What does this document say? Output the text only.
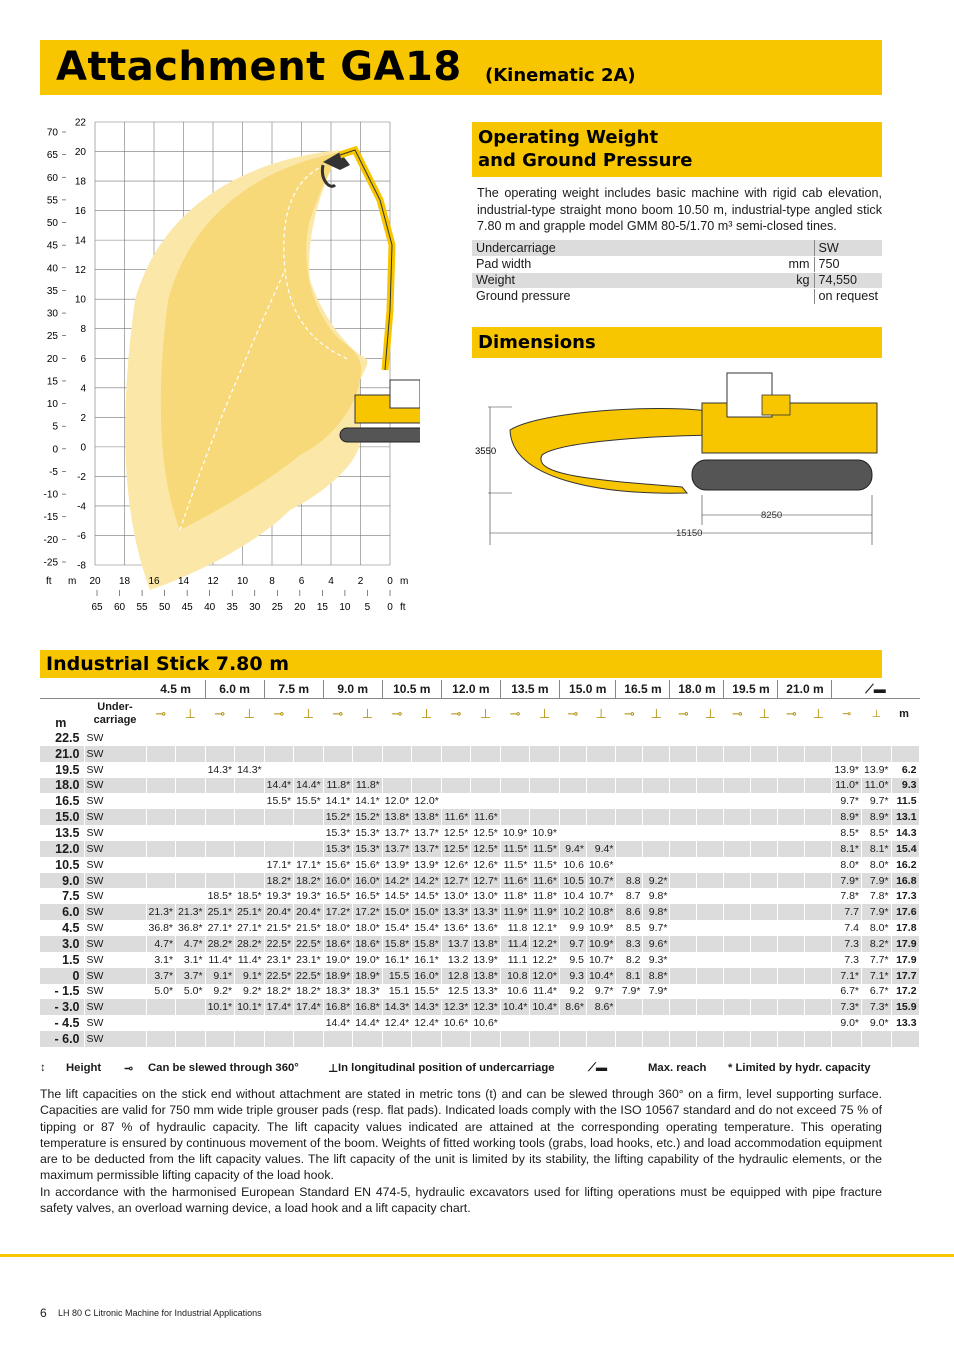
Attachment GA18 (Kinematic 2A)
22
20
18
16
14
12
10
8
6
4
2
0
-2
-4
-6
-8
70
65
60
55
50
45
40
35
30
25
20
15
10
5
0
-5
-10
-15
-20
-25
20 18 16 14 12 10 8 6 4 2 0
65 60 55 50 45 40 35 30 25 20 15 10 5 0
ft m	m
ft
Operating Weight
and Ground Pressure
The operating weight includes basic machine with rigid cab elevation, industrial-type straight mono boom 10.50 m, industrial-type angled stick 7.80 m and grapple model GMM 80-5/1.70 m³ semi-closed tines.
Undercarriage		SW
Pad width	mm	750
Weight	kg	74,550
Ground pressure		on request
Dimensions
3550
8250
15150
Industrial Stick 7.80 m
		4.5 m		6.0 m		7.5 m		9.0 m		10.5 m		12.0 m		13.5 m		15.0 m		16.5 m		18.0 m		19.5 m		21.0 m		⟋▬		
m	Under-
carriage	⊸	⊥	⊸	⊥	⊸	⊥	⊸	⊥	⊸	⊥	⊸	⊥	⊸	⊥	⊸	⊥	⊸	⊥	⊸	⊥	⊸	⊥	⊸	⊥	⊸	⊥	m
22.5	SW																											
21.0	SW																											
19.5	SW			14.3*	14.3*																					13.9*	13.9*	6.2
18.0	SW					14.4*	14.4*	11.8*	11.8*																	11.0*	11.0*	9.3
16.5	SW					15.5*	15.5*	14.1*	14.1*	12.0*	12.0*															9.7*	9.7*	11.5
15.0	SW							15.2*	15.2*	13.8*	13.8*	11.6*	11.6*													8.9*	8.9*	13.1
13.5	SW							15.3*	15.3*	13.7*	13.7*	12.5*	12.5*	10.9*	10.9*											8.5*	8.5*	14.3
12.0	SW							15.3*	15.3*	13.7*	13.7*	12.5*	12.5*	11.5*	11.5*	9.4*	9.4*									8.1*	8.1*	15.4
10.5	SW					17.1*	17.1*	15.6*	15.6*	13.9*	13.9*	12.6*	12.6*	11.5*	11.5*	10.6	10.6*									8.0*	8.0*	16.2
9.0	SW					18.2*	18.2*	16.0*	16.0*	14.2*	14.2*	12.7*	12.7*	11.6*	11.6*	10.5	10.7*	8.8	9.2*							7.9*	7.9*	16.8
7.5	SW			18.5*	18.5*	19.3*	19.3*	16.5*	16.5*	14.5*	14.5*	13.0*	13.0*	11.8*	11.8*	10.4	10.7*	8.7	9.8*							7.8*	7.8*	17.3
6.0	SW	21.3*	21.3*	25.1*	25.1*	20.4*	20.4*	17.2*	17.2*	15.0*	15.0*	13.3*	13.3*	11.9*	11.9*	10.2	10.8*	8.6	9.8*							7.7	7.9*	17.6
4.5	SW	36.8*	36.8*	27.1*	27.1*	21.5*	21.5*	18.0*	18.0*	15.4*	15.4*	13.6*	13.6*	11.8	12.1*	9.9	10.9*	8.5	9.7*							7.4	8.0*	17.8
3.0	SW	4.7*	4.7*	28.2*	28.2*	22.5*	22.5*	18.6*	18.6*	15.8*	15.8*	13.7	13.8*	11.4	12.2*	9.7	10.9*	8.3	9.6*							7.3	8.2*	17.9
1.5	SW	3.1*	3.1*	11.4*	11.4*	23.1*	23.1*	19.0*	19.0*	16.1*	16.1*	13.2	13.9*	11.1	12.2*	9.5	10.7*	8.2	9.3*							7.3	7.7*	17.9
0	SW	3.7*	3.7*	9.1*	9.1*	22.5*	22.5*	18.9*	18.9*	15.5	16.0*	12.8	13.8*	10.8	12.0*	9.3	10.4*	8.1	8.8*							7.1*	7.1*	17.7
- 1.5	SW	5.0*	5.0*	9.2*	9.2*	18.2*	18.2*	18.3*	18.3*	15.1	15.5*	12.5	13.3*	10.6	11.4*	9.2	9.7*	7.9*	7.9*							6.7*	6.7*	17.2
- 3.0	SW			10.1*	10.1*	17.4*	17.4*	16.8*	16.8*	14.3*	14.3*	12.3*	12.3*	10.4*	10.4*	8.6*	8.6*									7.3*	7.3*	15.9
- 4.5	SW							14.4*	14.4*	12.4*	12.4*	10.6*	10.6*													9.0*	9.0*	13.3
- 6.0	SW																											
↕ Height ⊸ Can be slewed through 360°	⊥ In longitudinal position of undercarriage	⟋▬	Max. reach * Limited by hydr. capacity

The lift capacities on the stick end without attachment are stated in metric tons (t) and can be slewed through 360° on a firm, level supporting surface. Capacities are valid for 750 mm wide triple grouser pads (resp. flat pads). Indicated loads comply with the ISO 10567 standard and do not exceed 75 % of tipping or 87 % of hydraulic capacity. The lift capacity values indicated are attained at the corresponding operating temperature. This operating temperature is ensured by continuous movement of the boom. Weights of fitted working tools (grabs, load hooks, etc.) and load accommodation equipment are to be deducted from the lift capacity values. The lift capacity of the unit is limited by its stability, the lifting capability of the hydraulic elements, or the maximum permissible lifting capacity of the load hook.

In accordance with the harmonised European Standard EN 474-5, hydraulic excavators used for lifting operations must be equipped with pipe fracture safety valves, an overload warning device, a load hook and a lift capacity chart.

6 LH 80 C Litronic Machine for Industrial Applications
